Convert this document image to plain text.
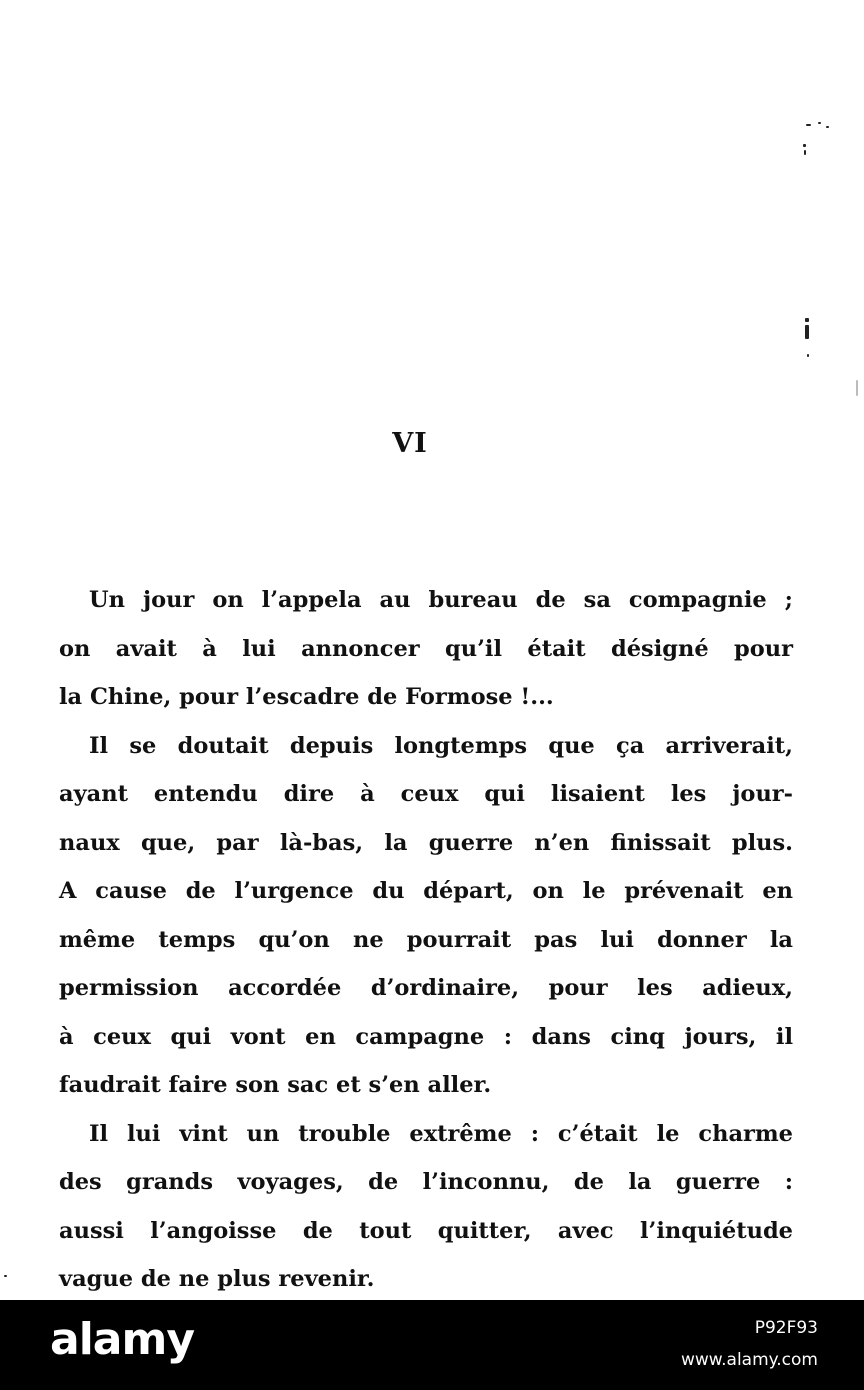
VI
Un jour on l’appela au bureau de sa compagnie ;
on avait à lui annoncer qu’il était désigné pour
la Chine, pour l’escadre de Formose !...
Il se doutait depuis longtemps que ça arriverait,
ayant entendu dire à ceux qui lisaient les jour-
naux que, par là-bas, la guerre n’en finissait plus.
A cause de l’urgence du départ, on le prévenait en
même temps qu’on ne pourrait pas lui donner la
permission accordée d’ordinaire, pour les adieux,
à ceux qui vont en campagne : dans cinq jours, il
faudrait faire son sac et s’en aller.
Il lui vint un trouble extrême : c’était le charme
des grands voyages, de l’inconnu, de la guerre :
aussi l’angoisse de tout quitter, avec l’inquiétude
vague de ne plus revenir.
alamy	P92F93
www.alamy.com
